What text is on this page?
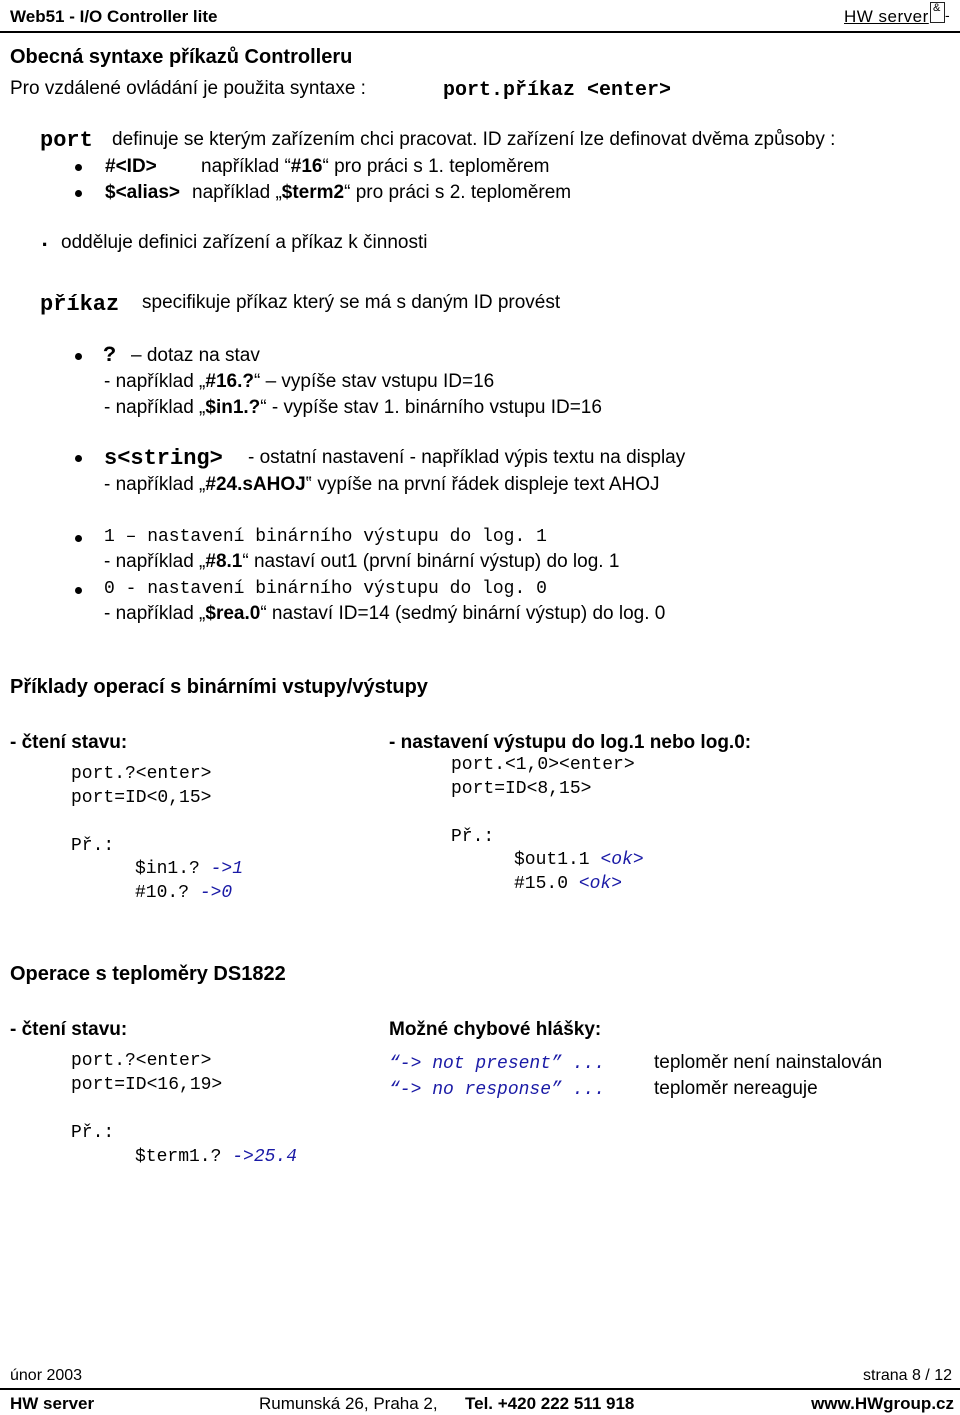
Web51 - I/O Controller lite	HW server & -
Obecná syntaxe příkazů Controlleru
Pro vzdálené ovládání je použita syntaxe :	port.příkaz <enter>
port definuje se kterým zařízením chci pracovat. ID zařízení lze definovat dvěma způsoby :
#<ID> například “#16“ pro práci s 1. teploměrem
$<alias> například „$term2“ pro práci s 2. teploměrem
. odděluje definici zařízení a příkaz k činnosti
příkaz specifikuje příkaz který se má s daným ID provést
? – dotaz na stav
- například „#16.?“ – vypíše stav vstupu ID=16
- například „$in1.?“ - vypíše stav 1. binárního vstupu ID=16
s<string> - ostatní nastavení - například výpis textu na display
- například „#24.sAHOJ‟ vypíše na první řádek displeje text AHOJ
1 – nastavení binárního výstupu do log. 1
- například „#8.1“ nastaví out1 (první binární výstup) do log. 1
0 - nastavení binárního výstupu do log. 0
- například „$rea.0“ nastaví ID=14 (sedmý binární výstup) do log. 0
Příklady operací s binárními vstupy/výstupy
- čtení stavu:
port.?<enter>
port=ID<0,15>
Př.:
$in1.? ->1
#10.? ->0
- nastavení výstupu do log.1 nebo log.0:
port.<1,0><enter>
port=ID<8,15>
Př.:
$out1.1 <ok>
#15.0 <ok>
Operace s teploměry DS1822
- čtení stavu:
port.?<enter>
port=ID<16,19>
Př.:
$term1.? ->25.4
Možné chybové hlášky:
“-> not present” ...	teploměr není nainstalován
“-> no response” ...	teploměr nereaguje
únor 2003	strana 8 / 12
HW server	Rumunská 26, Praha 2, Tel. +420 222 511 918	www.HWgroup.cz
